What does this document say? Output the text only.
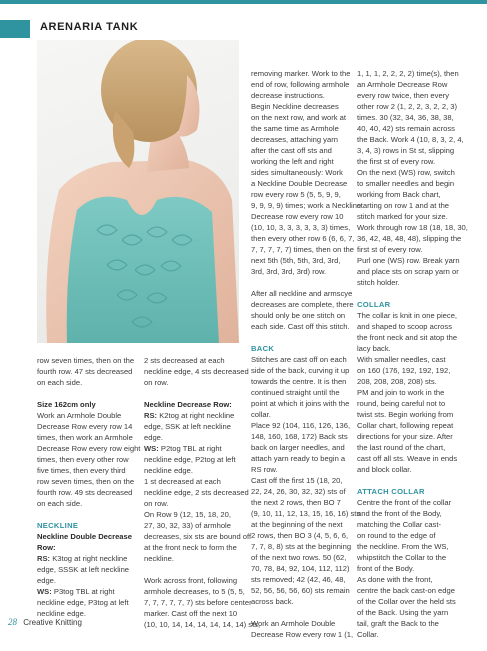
ARENARIA TANK
row seven times, then on the
fourth row. 47 sts decreased
on each side.
Size 162cm only
Work an Armhole Double
Decrease Row every row 14
times, then work an Armhole
Decrease Row every row eight
times, then every other row
five times, then every third
row seven times, then on the
fourth row. 49 sts decreased
on each side.
NECKLINE
Neckline Double Decrease
Row:
RS: K3tog at right neckline
edge, SSSK at left neckline
edge.
WS: P3tog TBL at right
neckline edge, P3tog at left
neckline edge.
2 sts decreased at each
neckline edge, 4 sts decreased
on row.
Neckline Decrease Row:
RS: K2tog at right neckline
edge, SSK at left neckline
edge.
WS: P2tog TBL at right
neckline edge, P2tog at left
neckline edge.
1 st decreased at each
neckline edge, 2 sts decreased
on row.
On Row 9 (12, 15, 18, 20,
27, 30, 32, 33) of armhole
decreases, six sts are bound off
at the front neck to form the
neckline.
Work across front, following
armhole decreases, to 5 (5, 5,
7, 7, 7, 7, 7, 7) sts before center
marker. Cast off the next 10
(10, 10, 14, 14, 14, 14, 14, 14) sts,
removing marker. Work to the
end of row, following armhole
decrease instructions.
Begin Neckline decreases
on the next row, and work at
the same time as Armhole
decreases, attaching yarn
after the cast off sts and
working the left and right
sides simultaneously: Work
a Neckline Double Decrease
row every row 5 (5, 5, 9, 9,
9, 9, 9, 9) times; work a Neckline
Decrease row every row 10
(10, 10, 3, 3, 3, 3, 3, 3) times,
then every other row 6 (6, 6, 7,
7, 7, 7, 7, 7) times, then on the
next 5th (5th, 5th, 3rd, 3rd,
3rd, 3rd, 3rd, 3rd) row.
After all neckline and armscye
decreases are complete, there
should only be one stitch on
each side. Cast off this stitch.
BACK
Stitches are cast off on each
side of the back, curving it up
towards the centre. It is then
continued straight until the
point at which it joins with the
collar.
Place 92 (104, 116, 126, 136,
148, 160, 168, 172) Back sts
back on larger needles, and
attach yarn ready to begin a
RS row.
Cast off the first 15 (18, 20,
22, 24, 26, 30, 32, 32) sts of
the next 2 rows, then BO 7
(9, 10, 11, 12, 13, 15, 16, 16) sts
at the beginning of the next
2 rows, then BO 3 (4, 5, 6, 6,
7, 7, 8, 8) sts at the beginning
of the next two rows. 50 (62,
70, 78, 84, 92, 104, 112, 112)
sts removed; 42 (42, 46, 48,
52, 56, 56, 56, 60) sts remain
across back.
Work an Armhole Double
Decrease Row every row 1 (1,
1, 1, 1, 2, 2, 2, 2) time(s), then
an Armhole Decrease Row
every row twice, then every
other row 2 (1, 2, 2, 3, 2, 2, 3)
times. 30 (32, 34, 36, 38, 38,
40, 40, 42) sts remain across
the Back. Work 4 (10, 8, 3, 2, 4,
3, 4, 3) rows in St st, slipping
the first st of every row.
On the next (WS) row, switch
to smaller needles and begin
working from Back chart,
starting on row 1 and at the
stitch marked for your size.
Work through row 18 (18, 18, 30,
36, 42, 48, 48, 48), slipping the
first st of every row.
Purl one (WS) row. Break yarn
and place sts on scrap yarn or
stitch holder.
COLLAR
The collar is knit in one piece,
and shaped to scoop across
the front neck and sit atop the
lacy back.
With smaller needles, cast
on 160 (176, 192, 192, 192,
208, 208, 208, 208) sts.
PM and join to work in the
round, being careful not to
twist sts. Begin working from
Collar chart, following repeat
directions for your size. After
the last round of the chart,
cast off all sts. Weave in ends
and block collar.
ATTACH COLLAR
Centre the front of the collar
and the front of the Body,
matching the Collar cast-
on round to the edge of
the neckline. From the WS,
whipstitch the Collar to the
front of the Body.
As done with the front,
centre the back cast-on edge
of the Collar over the held sts
of the Back. Using the yarn
tail, graft the Back to the
Collar.
28 Creative Knitting
